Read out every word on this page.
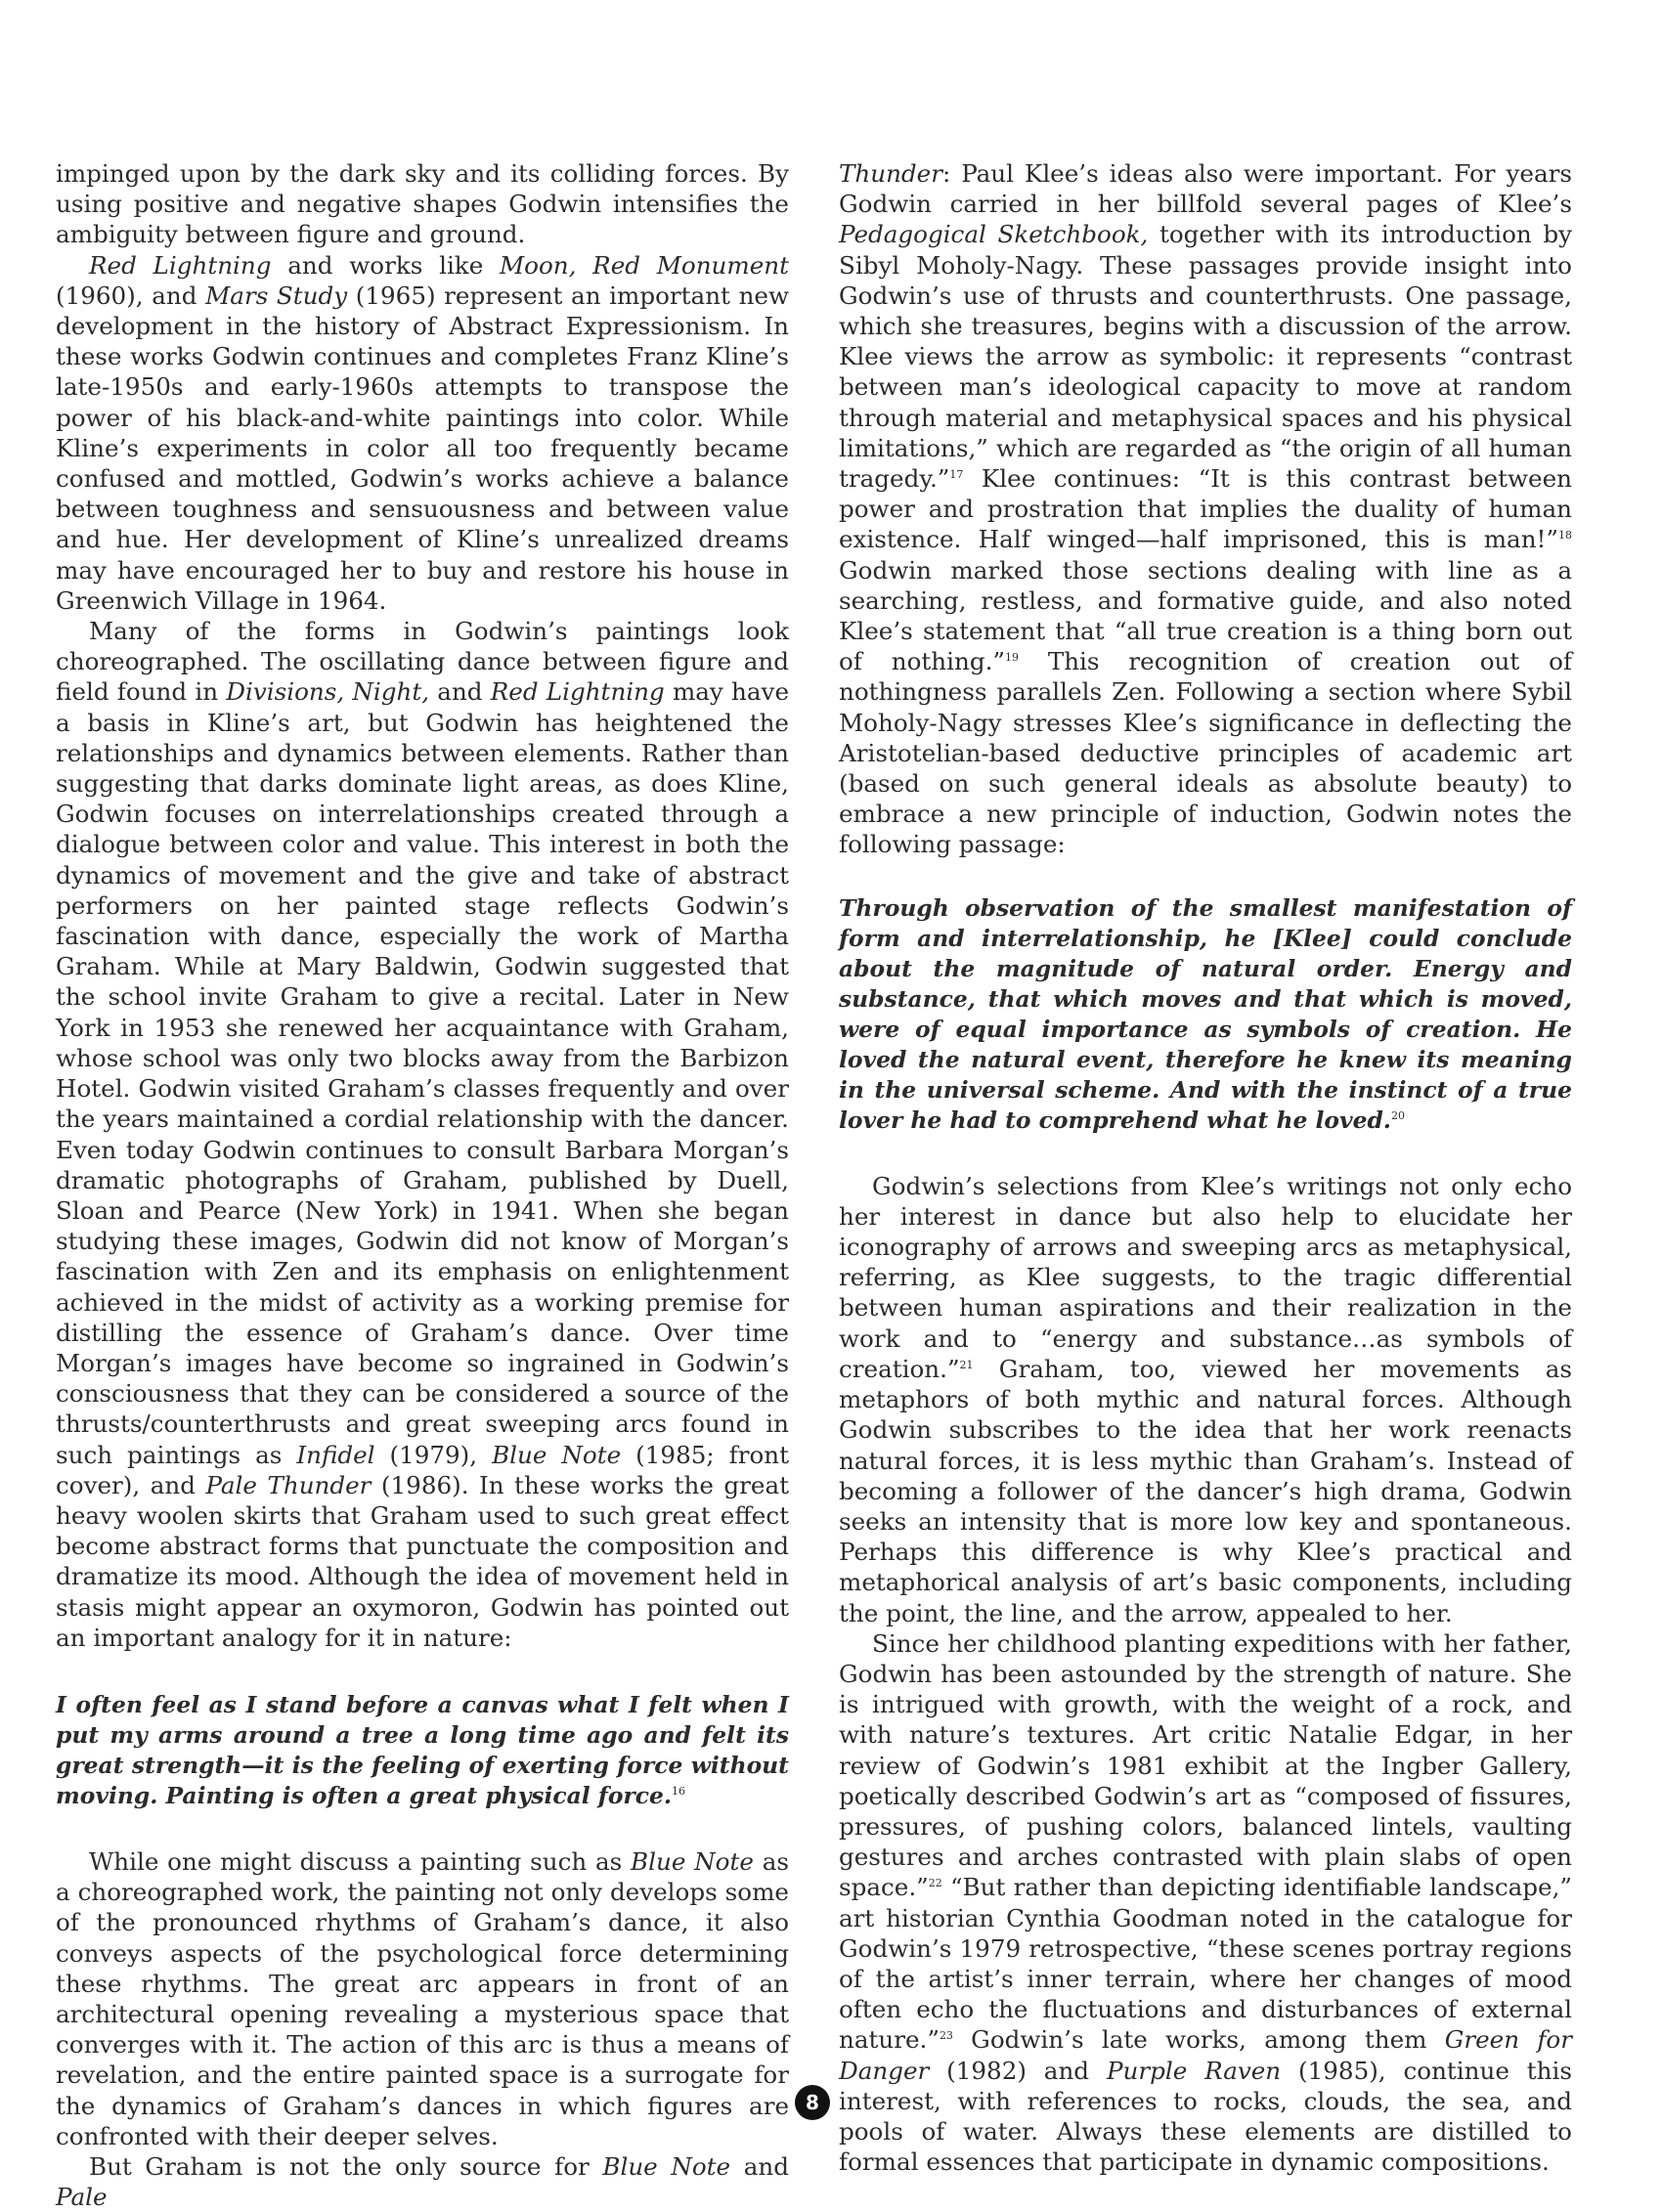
impinged upon by the dark sky and its colliding forces. By using positive and negative shapes Godwin intensifies the ambiguity between figure and ground.

Red Lightning and works like Moon, Red Monument (1960), and Mars Study (1965) represent an important new development in the history of Abstract Expressionism. In these works Godwin continues and completes Franz Kline’s late-1950s and early-1960s attempts to transpose the power of his black-and-white paintings into color. While Kline’s experiments in color all too frequently became confused and mottled, Godwin’s works achieve a balance between toughness and sensuousness and between value and hue. Her development of Kline’s unrealized dreams may have encouraged her to buy and restore his house in Greenwich Village in 1964.

Many of the forms in Godwin’s paintings look choreographed. The oscillating dance between figure and field found in Divisions, Night, and Red Lightning may have a basis in Kline’s art, but Godwin has heightened the relationships and dynamics between elements. Rather than suggesting that darks dominate light areas, as does Kline, Godwin focuses on interrelationships created through a dialogue between color and value. This interest in both the dynamics of movement and the give and take of abstract performers on her painted stage reflects Godwin’s fascination with dance, especially the work of Martha Graham. While at Mary Baldwin, Godwin suggested that the school invite Graham to give a recital. Later in New York in 1953 she renewed her acquaintance with Graham, whose school was only two blocks away from the Barbizon Hotel. Godwin visited Graham’s classes frequently and over the years maintained a cordial relationship with the dancer. Even today Godwin continues to consult Barbara Morgan’s dramatic photographs of Graham, published by Duell, Sloan and Pearce (New York) in 1941. When she began studying these images, Godwin did not know of Morgan’s fascination with Zen and its emphasis on enlightenment achieved in the midst of activity as a working premise for distilling the essence of Graham’s dance. Over time Morgan’s images have become so ingrained in Godwin’s consciousness that they can be considered a source of the thrusts/counterthrusts and great sweeping arcs found in such paintings as Infidel (1979), Blue Note (1985; front cover), and Pale Thunder (1986). In these works the great heavy woolen skirts that Graham used to such great effect become abstract forms that punctuate the composition and dramatize its mood. Although the idea of movement held in stasis might appear an oxymoron, Godwin has pointed out an important analogy for it in nature:

I often feel as I stand before a canvas what I felt when I put my arms around a tree a long time ago and felt its great strength—it is the feeling of exerting force without moving. Painting is often a great physical force.$^{16}$

While one might discuss a painting such as Blue Note as a choreographed work, the painting not only develops some of the pronounced rhythms of Graham’s dance, it also conveys aspects of the psychological force determining these rhythms. The great arc appears in front of an architectural opening revealing a mysterious space that converges with it. The action of this arc is thus a means of revelation, and the entire painted space is a surrogate for the dynamics of Graham’s dances in which figures are confronted with their deeper selves.

But Graham is not the only source for Blue Note and Pale

Thunder: Paul Klee’s ideas also were important. For years Godwin carried in her billfold several pages of Klee’s Pedagogical Sketchbook, together with its introduction by Sibyl Moholy-Nagy. These passages provide insight into Godwin’s use of thrusts and counterthrusts. One passage, which she treasures, begins with a discussion of the arrow. Klee views the arrow as symbolic: it represents “contrast between man’s ideological capacity to move at random through material and metaphysical spaces and his physical limitations,” which are regarded as “the origin of all human tragedy.”$^{17}$ Klee continues: “It is this contrast between power and prostration that implies the duality of human existence. Half winged—half imprisoned, this is man!”$^{18}$ Godwin marked those sections dealing with line as a searching, restless, and formative guide, and also noted Klee’s statement that “all true creation is a thing born out of nothing.”$^{19}$ This recognition of creation out of nothingness parallels Zen. Following a section where Sybil Moholy-Nagy stresses Klee’s significance in deflecting the Aristotelian-based deductive principles of academic art (based on such general ideals as absolute beauty) to embrace a new principle of induction, Godwin notes the following passage:

Through observation of the smallest manifestation of form and interrelationship, he [Klee] could conclude about the magnitude of natural order. Energy and substance, that which moves and that which is moved, were of equal importance as symbols of creation. He loved the natural event, therefore he knew its meaning in the universal scheme. And with the instinct of a true lover he had to comprehend what he loved.$^{20}$

Godwin’s selections from Klee’s writings not only echo her interest in dance but also help to elucidate her iconography of arrows and sweeping arcs as metaphysical, referring, as Klee suggests, to the tragic differential between human aspirations and their realization in the work and to “energy and substance…as symbols of creation.”$^{21}$ Graham, too, viewed her movements as metaphors of both mythic and natural forces. Although Godwin subscribes to the idea that her work reenacts natural forces, it is less mythic than Graham’s. Instead of becoming a follower of the dancer’s high drama, Godwin seeks an intensity that is more low key and spontaneous. Perhaps this difference is why Klee’s practical and metaphorical analysis of art’s basic components, including the point, the line, and the arrow, appealed to her.

Since her childhood planting expeditions with her father, Godwin has been astounded by the strength of nature. She is intrigued with growth, with the weight of a rock, and with nature’s textures. Art critic Natalie Edgar, in her review of Godwin’s 1981 exhibit at the Ingber Gallery, poetically described Godwin’s art as “composed of fissures, pressures, of pushing colors, balanced lintels, vaulting gestures and arches contrasted with plain slabs of open space.”$^{22}$ “But rather than depicting identifiable landscape,” art historian Cynthia Goodman noted in the catalogue for Godwin’s 1979 retrospective, “these scenes portray regions of the artist’s inner terrain, where her changes of mood often echo the fluctuations and disturbances of external nature.”$^{23}$ Godwin’s late works, among them Green for Danger (1982) and Purple Raven (1985), continue this interest, with references to rocks, clouds, the sea, and pools of water. Always these elements are distilled to formal essences that participate in dynamic compositions.

8
